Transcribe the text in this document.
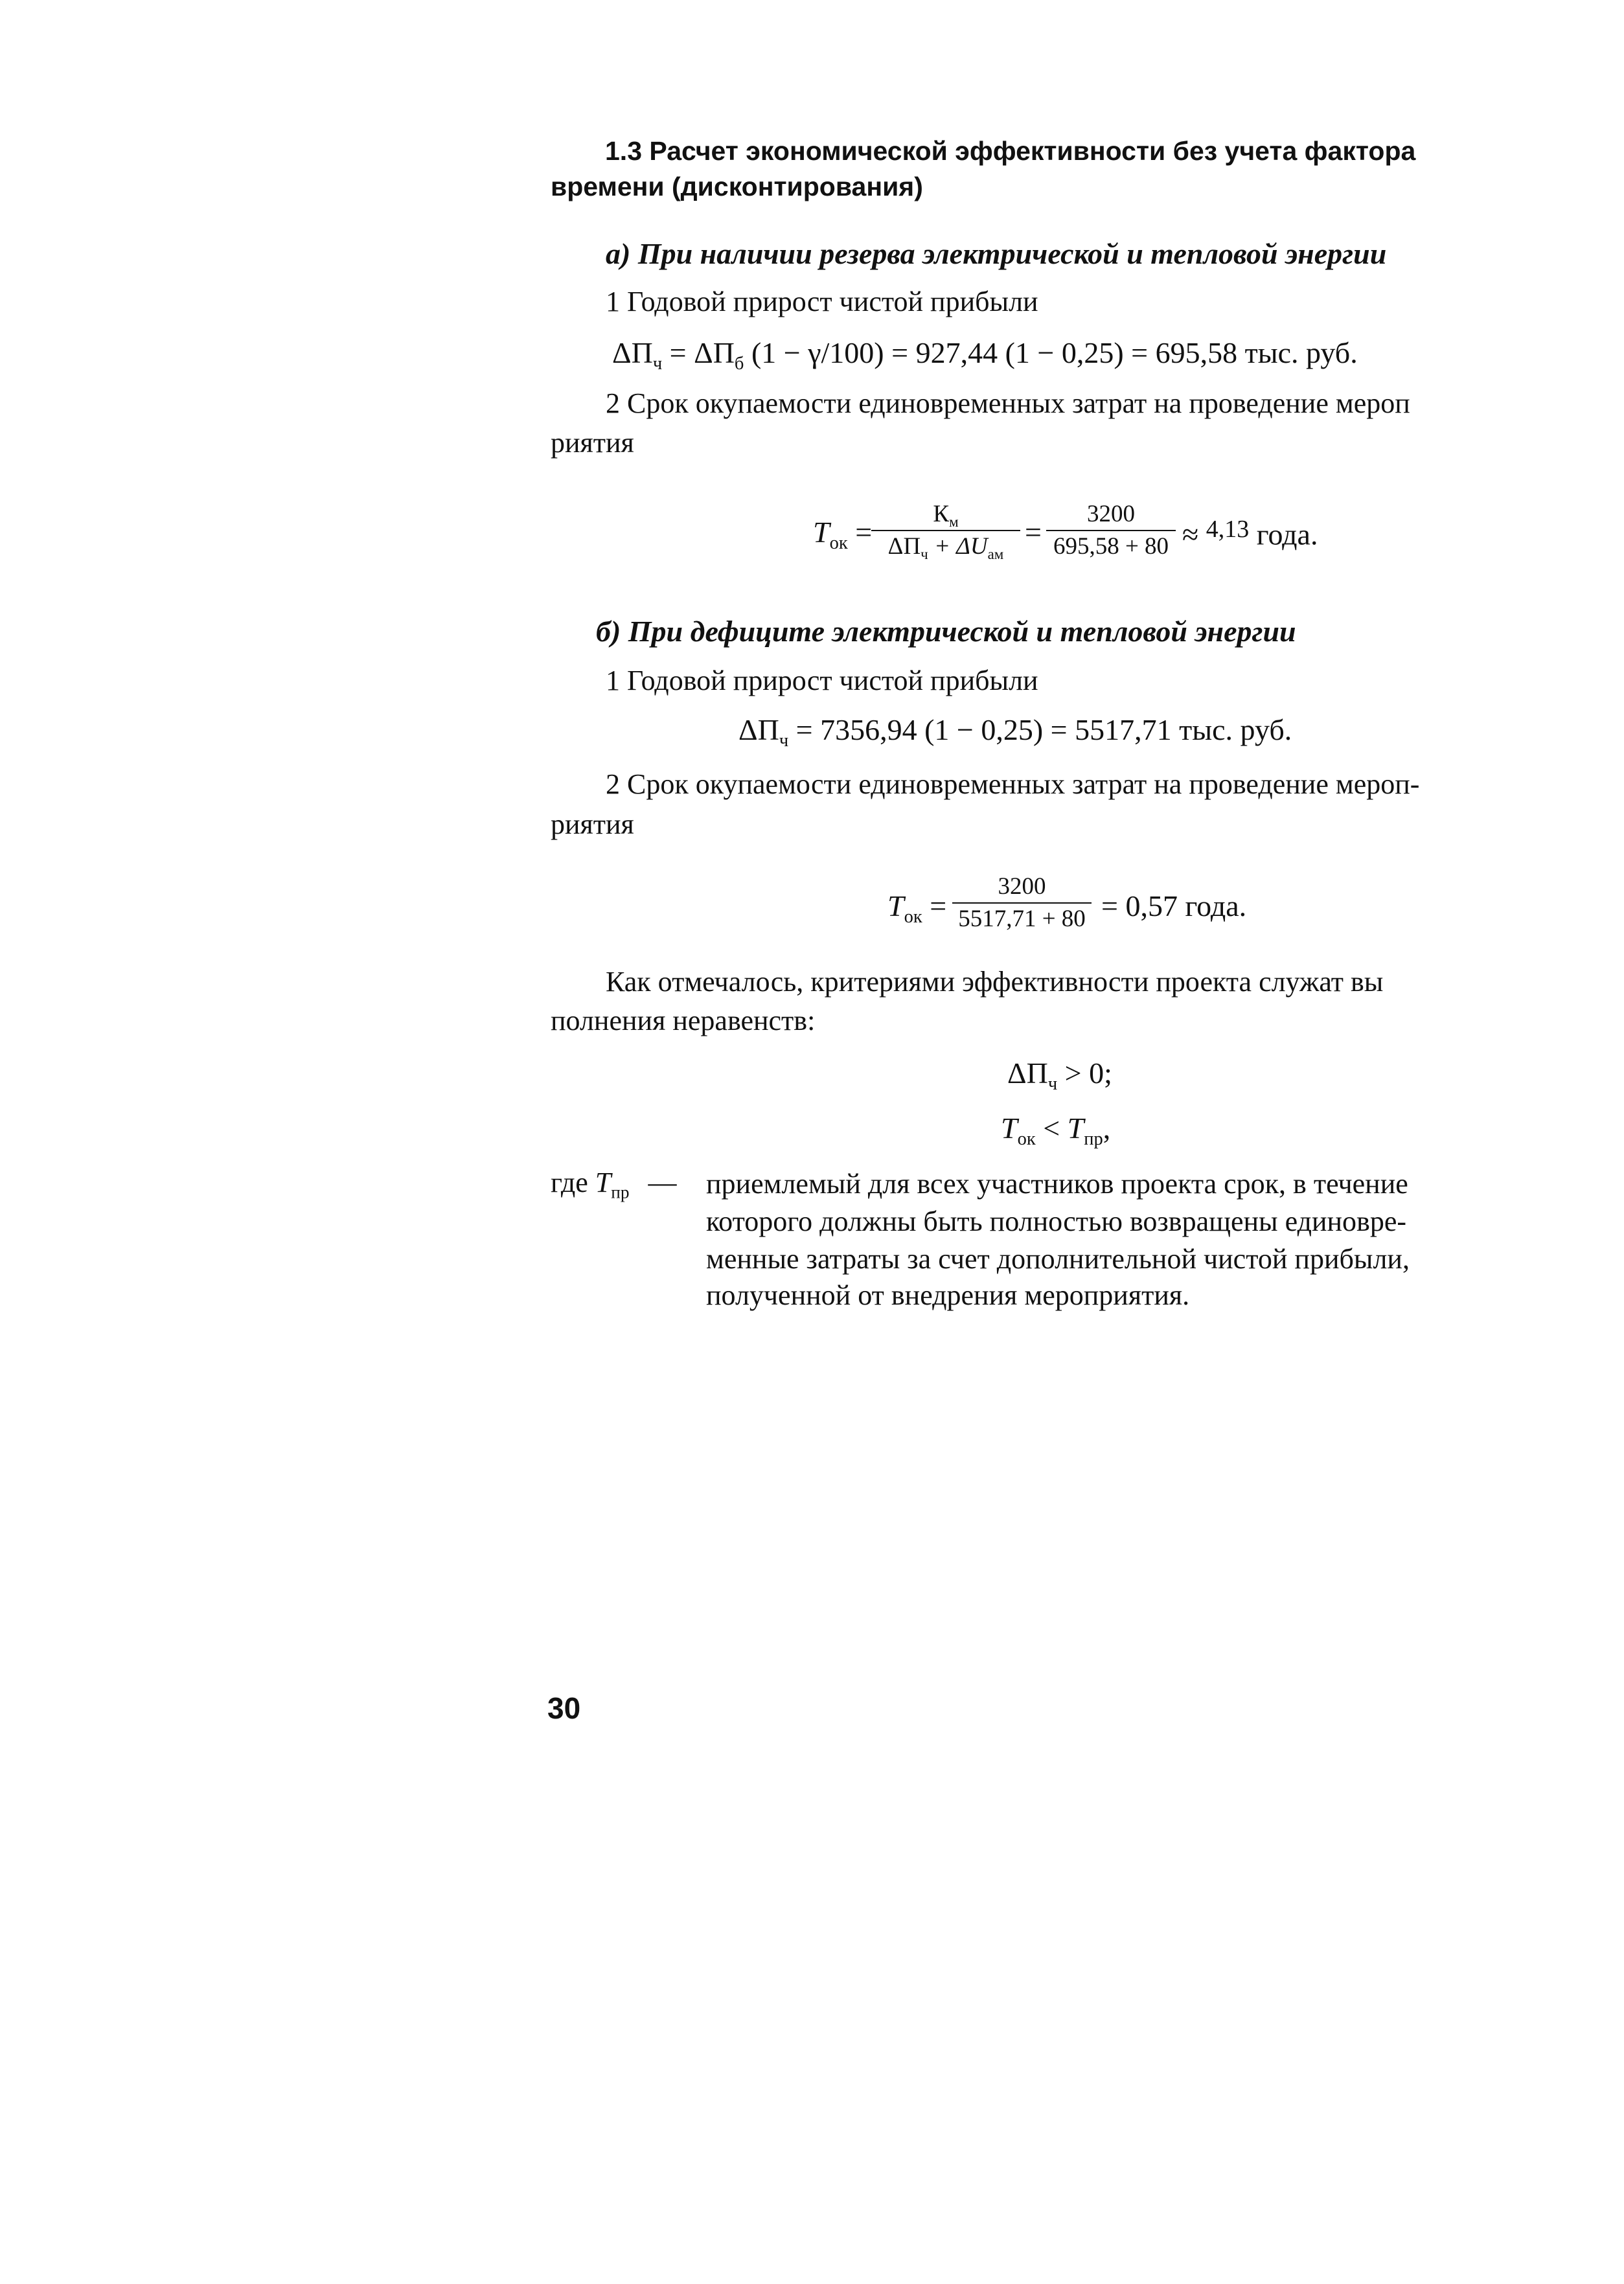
1.3 Расчет экономической эффективности без учета фактора
времени (дисконтирования)
а) При наличии резерва электрической и тепловой энергии
1 Годовой прирост чистой прибыли
$\Delta П_ч = \Delta П_б$ (1 − γ/100) = 927,44 (1 − 0,25) = 695,58 тыс. руб.
2 Срок окупаемости единовременных затрат на проведение мероп
риятия
$T_{ок}$ =
$К_м$
$\Delta П_ч + \Delta U_{ам}$
=
3200
695,58 + 80 ≈ $^{4,13}$ года.
б) При дефиците электрической и тепловой энергии
1 Годовой прирост чистой прибыли
$\Delta П_ч = 7356,94$ (1 − 0,25) = 5517,71 тыс. руб.
2 Срок окупаемости единовременных затрат на проведение мероп-
риятия
$T_{ок}$ =
3200
5517,71 + 80 = 0,57 года.
Как отмечалось, критериями эффективности проекта служат вы
полнения неравенств:
$\Delta П_ч > 0$;
$T_{ок} < T_{пр}$,
где $T_{пр}$ — приемлемый для всех участников проекта срок, в течение
которого должны быть полностью возвращены единовре-
менные затраты за счет дополнительной чистой прибыли,
полученной от внедрения мероприятия.
30
